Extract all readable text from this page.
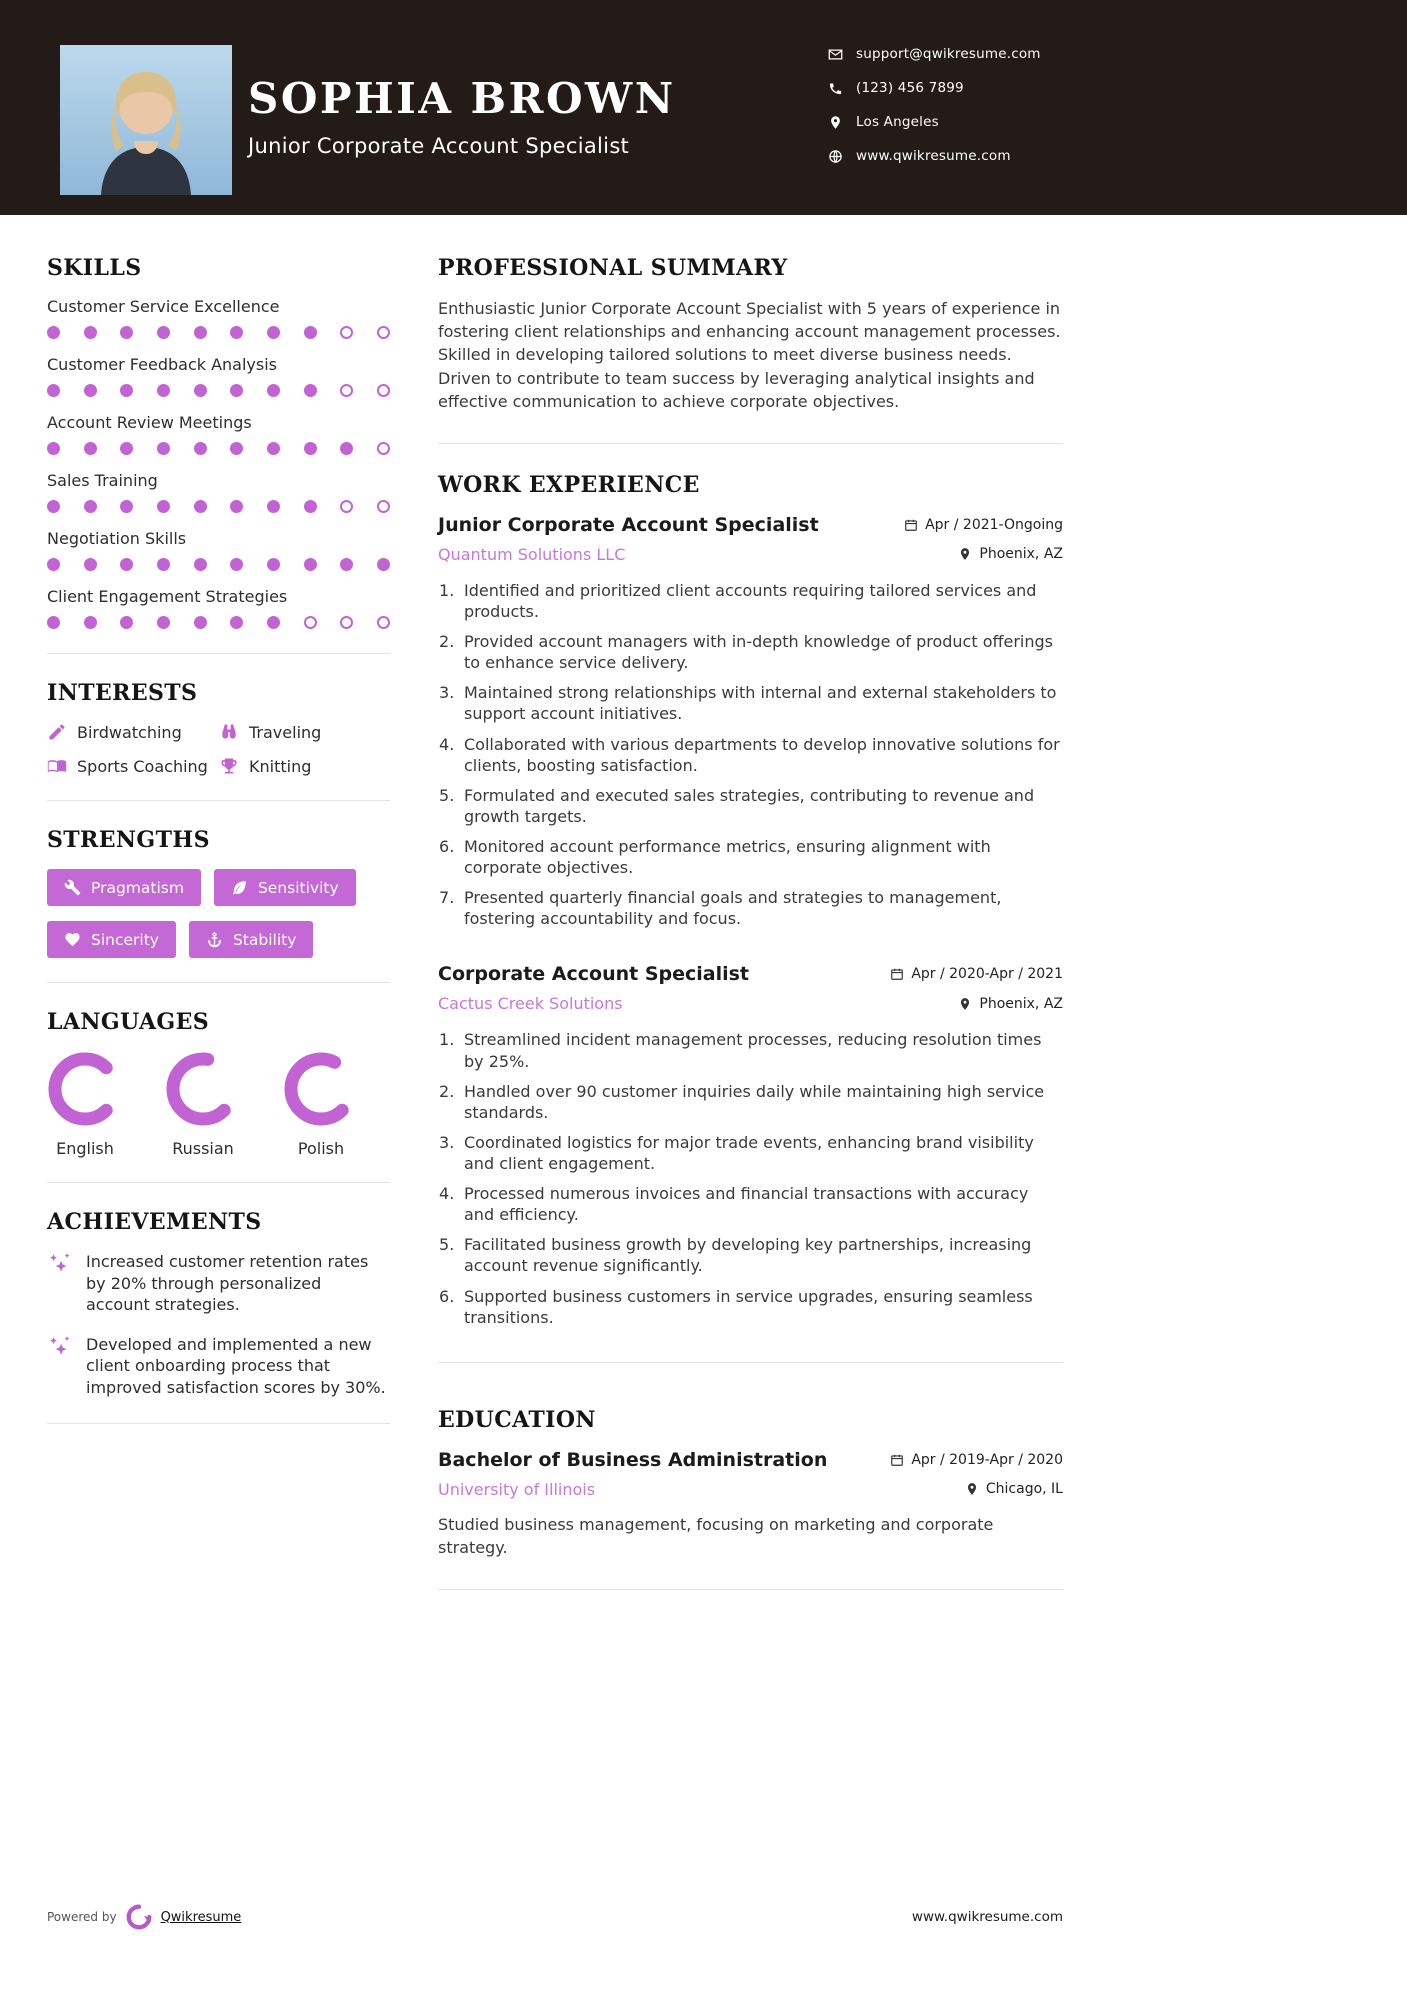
SOPHIA BROWN
Junior Corporate Account Specialist
support@qwikresume.com
(123) 456 7899
Los Angeles
www.qwikresume.com
SKILLS
Customer Service Excellence
Customer Feedback Analysis
Account Review Meetings
Sales Training
Negotiation Skills
Client Engagement Strategies
INTERESTS
Birdwatching	Traveling
Sports Coaching	Knitting
STRENGTHS
Pragmatism	Sensitivity
Sincerity	Stability
LANGUAGES
English	Russian	Polish
ACHIEVEMENTS
Increased customer retention rates by 20% through personalized account strategies.
Developed and implemented a new client onboarding process that improved satisfaction scores by 30%.
PROFESSIONAL SUMMARY

Enthusiastic Junior Corporate Account Specialist with 5 years of experience in fostering client relationships and enhancing account management processes. Skilled in developing tailored solutions to meet diverse business needs. Driven to contribute to team success by leveraging analytical insights and effective communication to achieve corporate objectives.

WORK EXPERIENCE
Junior Corporate Account Specialist	Apr / 2021-Ongoing
Quantum Solutions LLC	Phoenix, AZ
Identified and prioritized client accounts requiring tailored services and products.
Provided account managers with in-depth knowledge of product offerings to enhance service delivery.
Maintained strong relationships with internal and external stakeholders to support account initiatives.
Collaborated with various departments to develop innovative solutions for clients, boosting satisfaction.
Formulated and executed sales strategies, contributing to revenue and growth targets.
Monitored account performance metrics, ensuring alignment with corporate objectives.
Presented quarterly financial goals and strategies to management, fostering accountability and focus.
Corporate Account Specialist	Apr / 2020-Apr / 2021
Cactus Creek Solutions	Phoenix, AZ
Streamlined incident management processes, reducing resolution times by 25%.
Handled over 90 customer inquiries daily while maintaining high service standards.
Coordinated logistics for major trade events, enhancing brand visibility and client engagement.
Processed numerous invoices and financial transactions with accuracy and efficiency.
Facilitated business growth by developing key partnerships, increasing account revenue significantly.
Supported business customers in service upgrades, ensuring seamless transitions.
EDUCATION
Bachelor of Business Administration	Apr / 2019-Apr / 2020
University of Illinois	Chicago, IL

Studied business management, focusing on marketing and corporate strategy.

Powered by	Qwikresume	www.qwikresume.com
